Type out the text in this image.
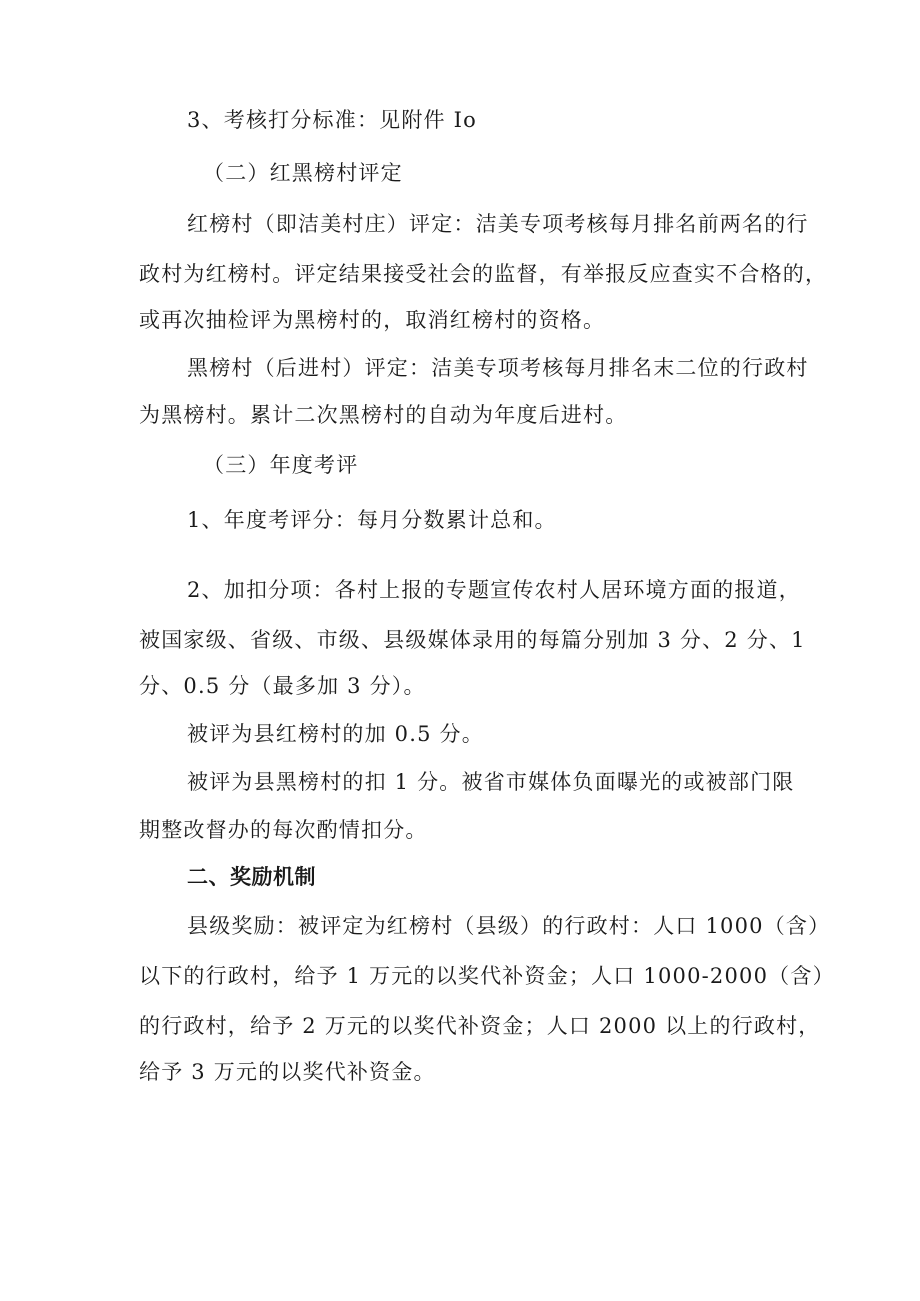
3、考核打分标准：见附件 Io
（二）红黑榜村评定
红榜村（即洁美村庄）评定：洁美专项考核每月排名前两名的行
政村为红榜村。评定结果接受社会的监督，有举报反应查实不合格的，
或再次抽检评为黑榜村的，取消红榜村的资格。
黑榜村（后进村）评定：洁美专项考核每月排名末二位的行政村
为黑榜村。累计二次黑榜村的自动为年度后进村。
（三）年度考评
1、年度考评分：每月分数累计总和。
2、加扣分项：各村上报的专题宣传农村人居环境方面的报道，
被国家级、省级、市级、县级媒体录用的每篇分别加 3 分、2 分、1
分、0.5 分（最多加 3 分）。
被评为县红榜村的加 0.5 分。
被评为县黑榜村的扣 1 分。被省市媒体负面曝光的或被部门限
期整改督办的每次酌情扣分。
二、奖励机制
县级奖励：被评定为红榜村（县级）的行政村：人口 1000（含）
以下的行政村，给予 1 万元的以奖代补资金；人口 1000-2000（含）
的行政村，给予 2 万元的以奖代补资金；人口 2000 以上的行政村，
给予 3 万元的以奖代补资金。
